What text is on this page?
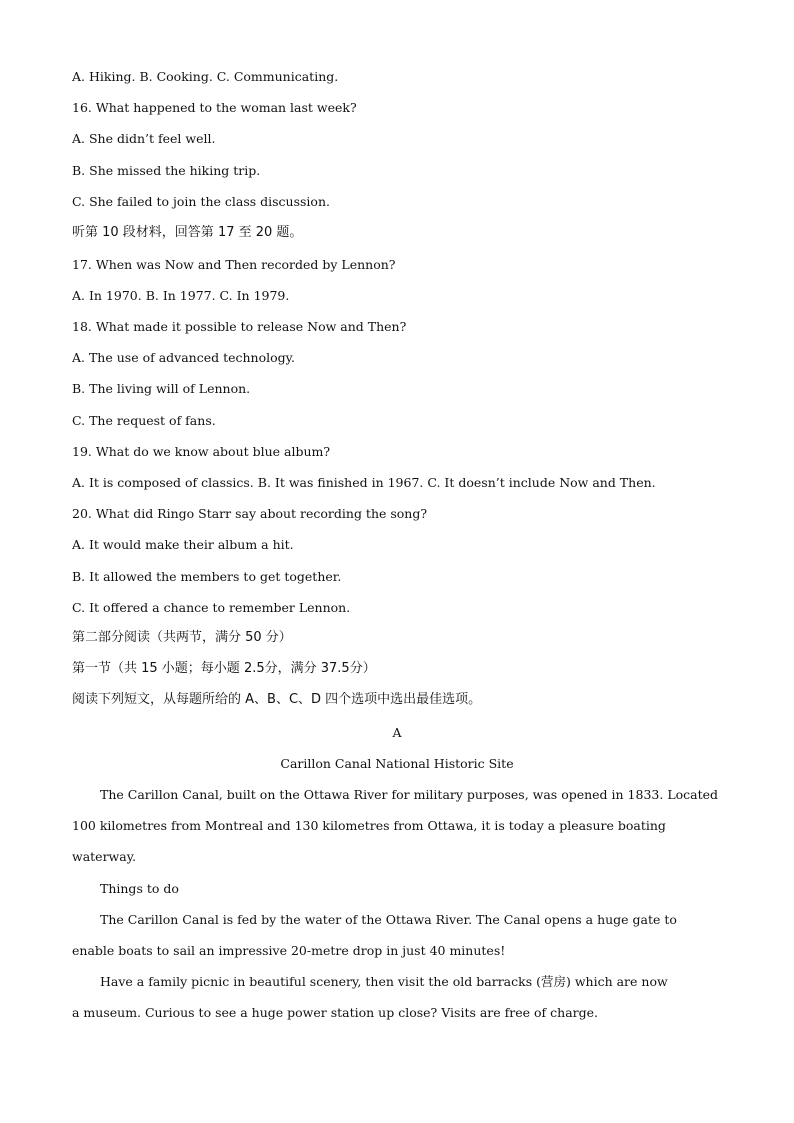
A. Hiking. B. Cooking. C. Communicating.
16. What happened to the woman last week?
A. She didn’t feel well.
B. She missed the hiking trip.
C. She failed to join the class discussion.
听第 10 段材料，回答第 17 至 20 题。
17. When was Now and Then recorded by Lennon?
A. In 1970. B. In 1977. C. In 1979.
18. What made it possible to release Now and Then?
A. The use of advanced technology.
B. The living will of Lennon.
C. The request of fans.
19. What do we know about blue album?
A. It is composed of classics. B. It was finished in 1967. C. It doesn’t include Now and Then.
20. What did Ringo Starr say about recording the song?
A. It would make their album a hit.
B. It allowed the members to get together.
C. It offered a chance to remember Lennon.
第二部分阅读（共两节，满分 50 分）
第一节（共 15 小题；每小题 2.5分，满分 37.5分）
阅读下列短文，从每题所给的 A、B、C、D 四个选项中选出最佳选项。
A
Carillon Canal National Historic Site
The Carillon Canal, built on the Ottawa River for military purposes, was opened in 1833. Located
100 kilometres from Montreal and 130 kilometres from Ottawa, it is today a pleasure boating
waterway.
Things to do
The Carillon Canal is fed by the water of the Ottawa River. The Canal opens a huge gate to
enable boats to sail an impressive 20-metre drop in just 40 minutes!
Have a family picnic in beautiful scenery, then visit the old barracks (营房) which are now
a museum. Curious to see a huge power station up close? Visits are free of charge.
